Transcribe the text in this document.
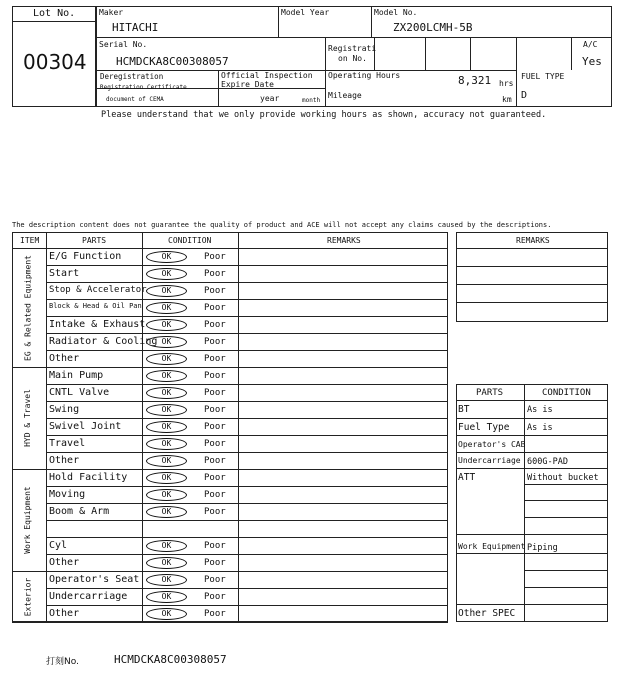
Lot No.
00304
Maker
HITACHI
Model Year	Model No.
ZX200LCMH-5B
Serial No.
HCMDCKA8C00308057
Registrati
on No.
A/C
Yes
Deregistration
Registration Certificate
document of CEMA
Official Inspection
Expire Date
year	month
Operating Hours	8,321 hrs
Mileage	km
FUEL TYPE
D
Please understand that we only provide working hours as shown, accuracy not guaranteed.
The description content does not guarantee the quality of product and ACE will not accept any claims caused by the descriptions.
ITEM	PARTS	CONDITION	REMARKS
E/G Function	OK	Poor
Start	OK	Poor
Stop & Accelerator	OK	Poor
Block & Head & Oil Pan	OK	Poor
Intake & Exhaust	OK	Poor
Radiator & Cooling OK	Poor
Other	OK	Poor
EG & Related Equipment
Main Pump	OK	Poor
CNTL Valve	OK	Poor
Swing	OK	Poor
Swivel Joint	OK	Poor
Travel	OK	Poor
Other	OK	Poor
HYD & Travel
Hold Facility	OK	Poor
Moving	OK	Poor
Boom & Arm	OK	Poor
Cyl	OK	Poor
Other	OK	Poor
Work Equipment
Operator's Seat	OK	Poor
Undercarriage	OK	Poor
Other	OK	Poor
Exterior
REMARKS
PARTS	CONDITION
BT	As is
Fuel Type As is
Operator's CAB
Undercarriage 600G-PAD
ATT	Without bucket
Work Equipment Piping
Other SPEC
打刻No.	HCMDCKA8C00308057
